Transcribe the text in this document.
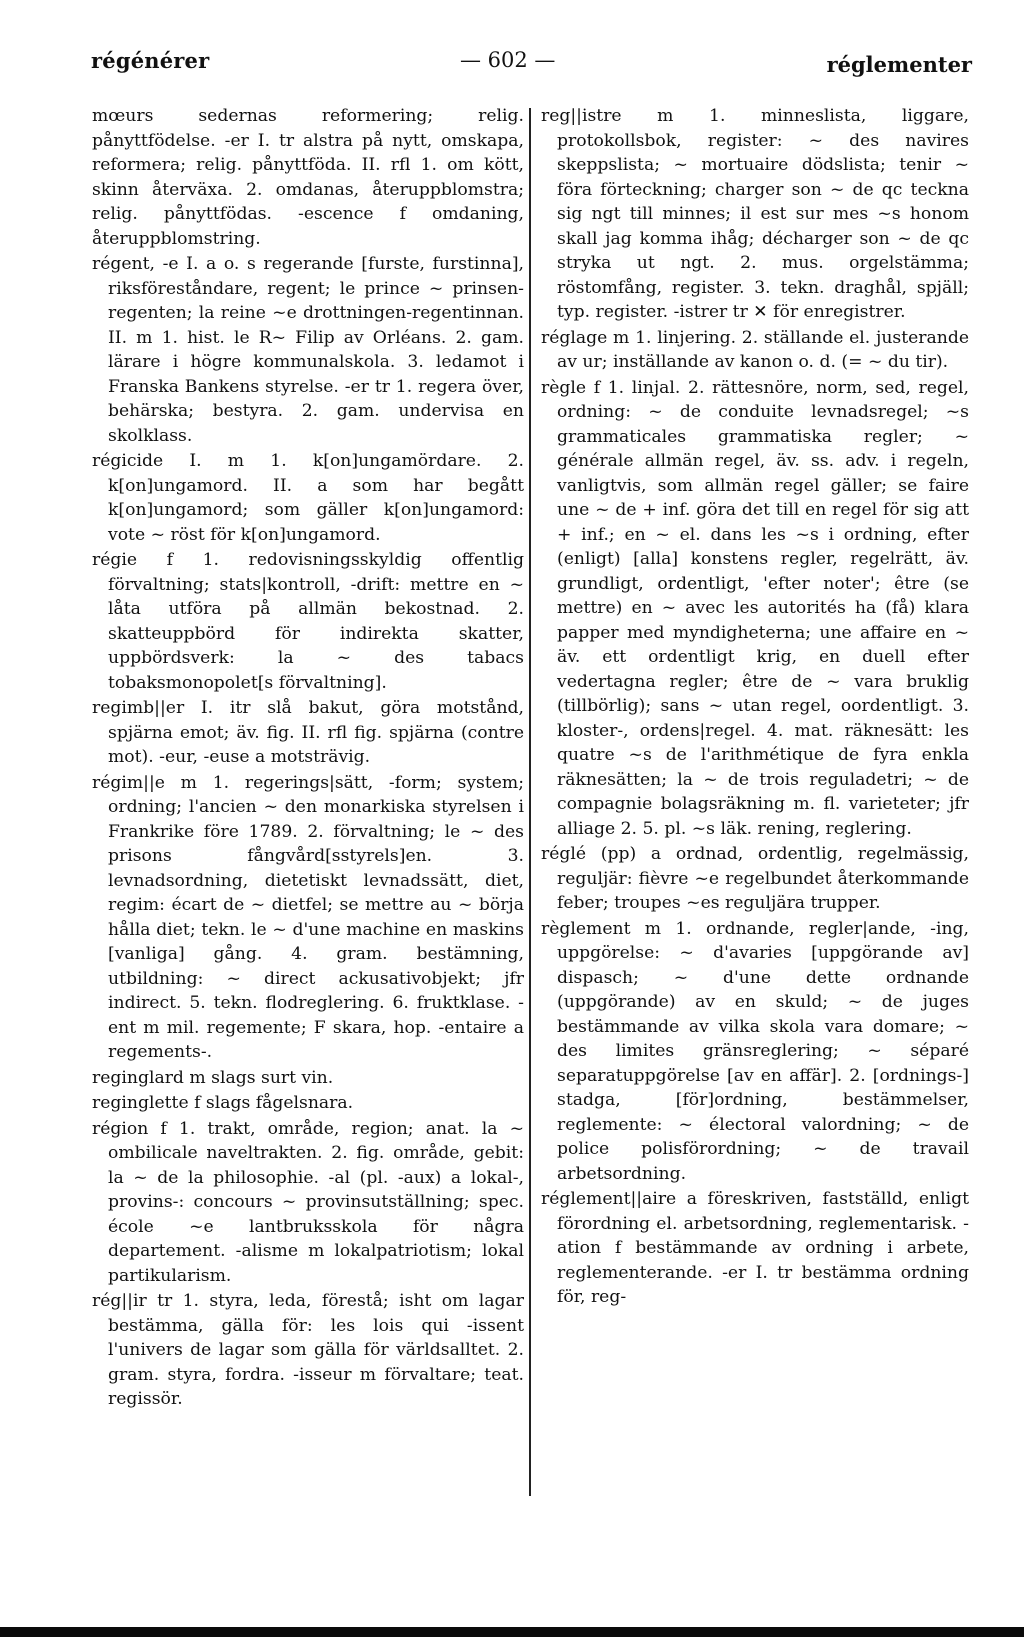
régénérer	— 602 —	réglementer

mœurs sedernas reformering; relig. pånyttfödelse. -er I. tr alstra på nytt, omskapa, reformera; relig. pånyttföda. II. rfl 1. om kött, skinn återväxa. 2. omdanas, återuppblomstra; relig. pånyttfödas. -escence f omdaning, återuppblomstring.

régent, -e I. a o. s regerande [furste, furstinna], riksföreståndare, regent; le prince ~ prinsen-regenten; la reine ~e drottningen-regentinnan. II. m 1. hist. le R~ Filip av Orléans. 2. gam. lärare i högre kommunalskola. 3. ledamot i Franska Bankens styrelse. -er tr 1. regera över, behärska; bestyra. 2. gam. undervisa en skolklass.

régicide I. m 1. k[on]ungamördare. 2. k[on]ungamord. II. a som har begått k[on]ungamord; som gäller k[on]ungamord: vote ~ röst för k[on]ungamord.

régie f 1. redovisningsskyldig offentlig förvaltning; stats|kontroll, -drift: mettre en ~ låta utföra på allmän bekostnad. 2. skatteuppbörd för indirekta skatter, uppbördsverk: la ~ des tabacs tobaksmonopolet[s förvaltning].

regimb||er I. itr slå bakut, göra motstånd, spjärna emot; äv. fig. II. rfl fig. spjärna (contre mot). -eur, -euse a motsträvig.

régim||e m 1. regerings|sätt, -form; system; ordning; l'ancien ~ den monarkiska styrelsen i Frankrike före 1789. 2. förvaltning; le ~ des prisons fångvård[sstyrels]en. 3. levnadsordning, dietetiskt levnadssätt, diet, regim: écart de ~ dietfel; se mettre au ~ börja hålla diet; tekn. le ~ d'une machine en maskins [vanliga] gång. 4. gram. bestämning, utbildning: ~ direct ackusativobjekt; jfr indirect. 5. tekn. flodreglering. 6. fruktklase. -ent m mil. regemente; F skara, hop. -entaire a regements-.

reginglard m slags surt vin.

reginglette f slags fågelsnara.

région f 1. trakt, område, region; anat. la ~ ombilicale naveltrakten. 2. fig. område, gebit: la ~ de la philosophie. -al (pl. -aux) a lokal-, provins-: concours ~ provinsutställning; spec. école ~e lantbruksskola för några departement. -alisme m lokalpatriotism; lokal partikularism.

rég||ir tr 1. styra, leda, förestå; isht om lagar bestämma, gälla för: les lois qui -issent l'univers de lagar som gälla för världsalltet. 2. gram. styra, fordra. -isseur m förvaltare; teat. regissör.

reg||istre m 1. minneslista, liggare, protokollsbok, register: ~ des navires skeppslista; ~ mortuaire dödslista; tenir ~ föra förteckning; charger son ~ de qc teckna sig ngt till minnes; il est sur mes ~s honom skall jag komma ihåg; décharger son ~ de qc stryka ut ngt. 2. mus. orgelstämma; röstomfång, register. 3. tekn. draghål, spjäll; typ. register. -istrer tr ✕ för enregistrer.

réglage m 1. linjering. 2. ställande el. justerande av ur; inställande av kanon o. d. (= ~ du tir).

règle f 1. linjal. 2. rättesnöre, norm, sed, regel, ordning: ~ de conduite levnadsregel; ~s grammaticales grammatiska regler; ~ générale allmän regel, äv. ss. adv. i regeln, vanligtvis, som allmän regel gäller; se faire une ~ de + inf. göra det till en regel för sig att + inf.; en ~ el. dans les ~s i ordning, efter (enligt) [alla] konstens regler, regelrätt, äv. grundligt, ordentligt, 'efter noter'; être (se mettre) en ~ avec les autorités ha (få) klara papper med myndigheterna; une affaire en ~ äv. ett ordentligt krig, en duell efter vedertagna regler; être de ~ vara bruklig (tillbörlig); sans ~ utan regel, oordentligt. 3. kloster-, ordens|regel. 4. mat. räknesätt: les quatre ~s de l'arithmétique de fyra enkla räknesätten; la ~ de trois reguladetri; ~ de compagnie bolagsräkning m. fl. varieteter; jfr alliage 2. 5. pl. ~s läk. rening, reglering.

réglé (pp) a ordnad, ordentlig, regelmässig, reguljär: fièvre ~e regelbundet återkommande feber; troupes ~es reguljära trupper.

règlement m 1. ordnande, regler|ande, -ing, uppgörelse: ~ d'avaries [uppgörande av] dispasch; ~ d'une dette ordnande (uppgörande) av en skuld; ~ de juges bestämmande av vilka skola vara domare; ~ des limites gränsreglering; ~ séparé separatuppgörelse [av en affär]. 2. [ordnings-] stadga, [för]ordning, bestämmelser, reglemente: ~ électoral valordning; ~ de police polisförordning; ~ de travail arbetsordning.

réglement||aire a föreskriven, fastställd, enligt förordning el. arbetsordning, reglementarisk. -ation f bestämmande av ordning i arbete, reglementerande. -er I. tr bestämma ordning för, reg-
